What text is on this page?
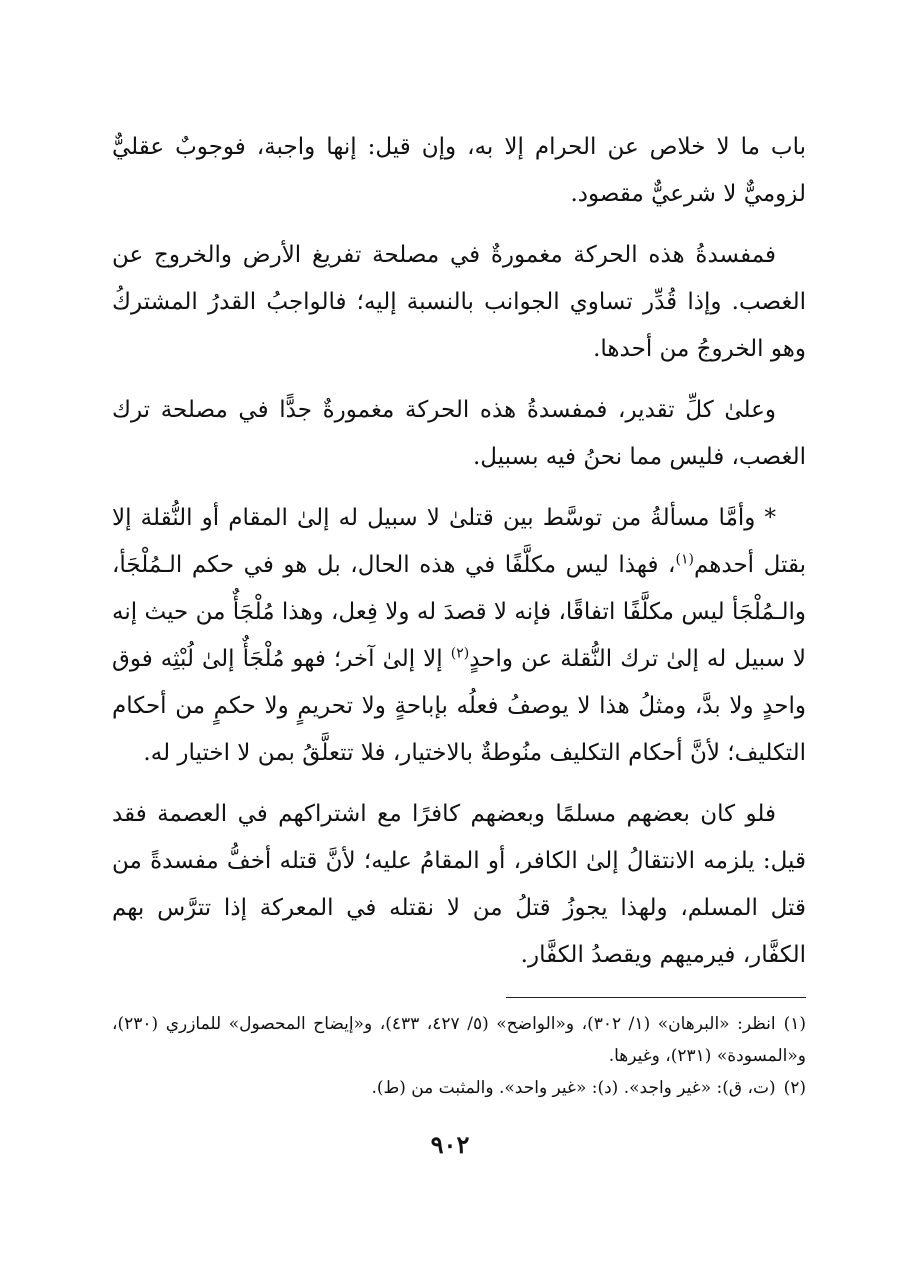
باب ما لا خلاص عن الحرام إلا به، وإن قيل: إنها واجبة، فوجوبٌ عقليٌّ لزوميٌّ لا شرعيٌّ مقصود.

فمفسدةُ هذه الحركة مغمورةٌ في مصلحة تفريغ الأرض والخروج عن الغصب. وإذا قُدِّر تساوي الجوانب بالنسبة إليه؛ فالواجبُ القدرُ المشتركُ وهو الخروجُ من أحدها.

وعلىٰ كلِّ تقدير، فمفسدةُ هذه الحركة مغمورةٌ جدًّا في مصلحة ترك الغصب، فليس مما نحنُ فيه بسبيل.

* وأمَّا مسألةُ من توسَّط بين قتلىٰ لا سبيل له إلىٰ المقام أو النُّقلة إلا بقتل أحدهم$^{(١)}$، فهذا ليس مكلَّفًا في هذه الحال، بل هو في حكم الـمُلْجَأ، والـمُلْجَأ ليس مكلَّفًا اتفاقًا، فإنه لا قصدَ له ولا فِعل، وهذا مُلْجَأٌ من حيث إنه لا سبيل له إلىٰ ترك النُّقلة عن واحدٍ$^{(٢)}$ إلا إلىٰ آخر؛ فهو مُلْجَأٌ إلىٰ لُبْثِه فوق واحدٍ ولا بدَّ، ومثلُ هذا لا يوصفُ فعلُه بإباحةٍ ولا تحريمٍ ولا حكمٍ من أحكام التكليف؛ لأنَّ أحكام التكليف منُوطةٌ بالاختيار، فلا تتعلَّقُ بمن لا اختيار له.

فلو كان بعضهم مسلمًا وبعضهم كافرًا مع اشتراكهم في العصمة فقد قيل: يلزمه الانتقالُ إلىٰ الكافر، أو المقامُ عليه؛ لأنَّ قتله أخفُّ مفسدةً من قتل المسلم، ولهذا يجوزُ قتلُ من لا نقتله في المعركة إذا تترَّس بهم الكفَّار، فيرميهم ويقصدُ الكفَّار.

(١)انظر: «البرهان» (١/ ٣٠٢)، و«الواضح» (٥/ ٤٢٧، ٤٣٣)، و«إيضاح المحصول» للمازري (٢٣٠)، و«المسودة» (٢٣١)، وغيرها.

(٢)(ت، ق): «غير واجد». (د): «غير واحد». والمثبت من (ط).

٩٠٢
